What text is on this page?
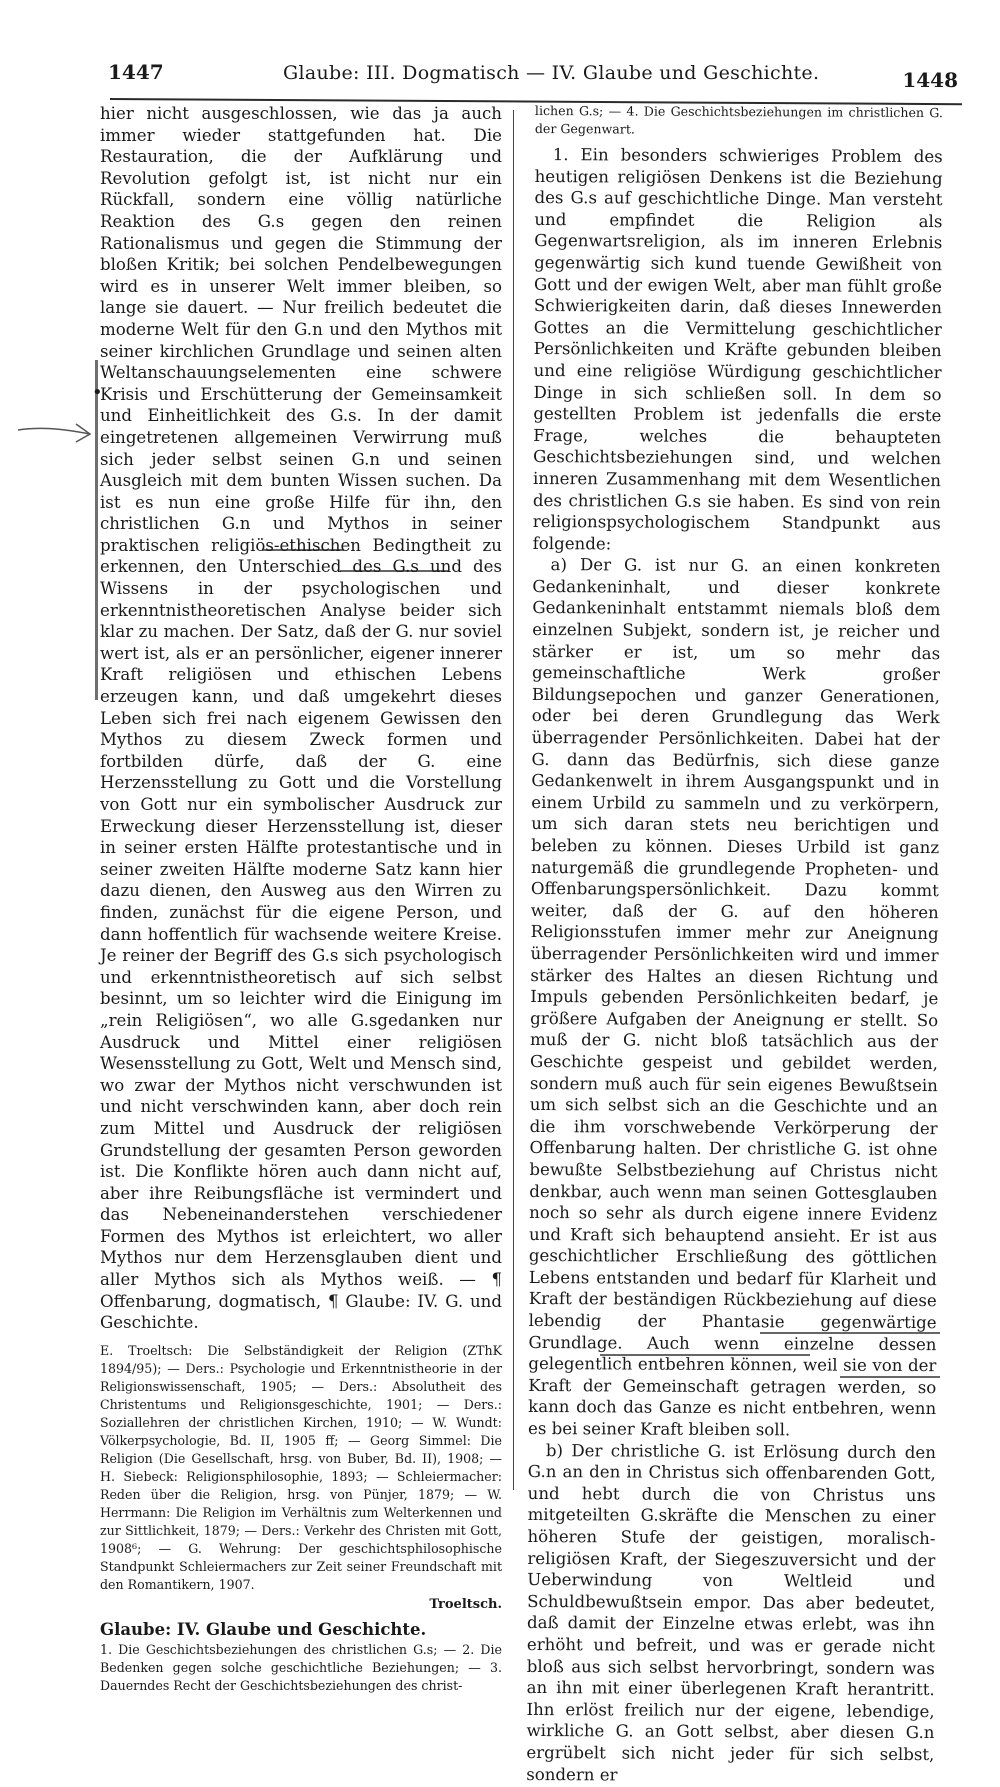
1447	Glaube: III. Dogmatisch — IV. Glaube und Geschichte.	1448
•

hier nicht ausgeschlossen, wie das ja auch immer wieder stattgefunden hat. Die Restauration, die der Aufklärung und Revolution gefolgt ist, ist nicht nur ein Rückfall, sondern eine völlig natürliche Reaktion des G.s gegen den reinen Rationalismus und gegen die Stimmung der bloßen Kritik; bei solchen Pendelbewegungen wird es in unserer Welt immer bleiben, so lange sie dauert. — Nur freilich bedeutet die moderne Welt für den G.n und den Mythos mit seiner kirchlichen Grundlage und seinen alten Weltanschauungselementen eine schwere Krisis und Erschütterung der Gemeinsamkeit und Einheitlichkeit des G.s. In der damit eingetretenen allgemeinen Verwirrung muß sich jeder selbst seinen G.n und seinen Ausgleich mit dem bunten Wissen suchen. Da ist es nun eine große Hilfe für ihn, den christlichen G.n und Mythos in seiner praktischen religiös-ethischen Bedingtheit zu erkennen, den Unterschied des G.s und des Wissens in der psychologischen und erkenntnistheoretischen Analyse beider sich klar zu machen. Der Satz, daß der G. nur soviel wert ist, als er an persönlicher, eigener innerer Kraft religiösen und ethischen Lebens erzeugen kann, und daß umgekehrt dieses Leben sich frei nach eigenem Gewissen den Mythos zu diesem Zweck formen und fortbilden dürfe, daß der G. eine Herzensstellung zu Gott und die Vorstellung von Gott nur ein symbolischer Ausdruck zur Erweckung dieser Herzensstellung ist, dieser in seiner ersten Hälfte protestantische und in seiner zweiten Hälfte moderne Satz kann hier dazu dienen, den Ausweg aus den Wirren zu finden, zunächst für die eigene Person, und dann hoffentlich für wachsende weitere Kreise. Je reiner der Begriff des G.s sich psychologisch und erkenntnistheoretisch auf sich selbst besinnt, um so leichter wird die Einigung im „rein Religiösen“, wo alle G.sgedanken nur Ausdruck und Mittel einer religiösen Wesensstellung zu Gott, Welt und Mensch sind, wo zwar der Mythos nicht verschwunden ist und nicht verschwinden kann, aber doch rein zum Mittel und Ausdruck der religiösen Grundstellung der gesamten Person geworden ist. Die Konflikte hören auch dann nicht auf, aber ihre Reibungsfläche ist vermindert und das Nebeneinanderstehen verschiedener Formen des Mythos ist erleichtert, wo aller Mythos nur dem Herzensglauben dient und aller Mythos sich als Mythos weiß. — ¶ Offenbarung, dogmatisch, ¶ Glaube: IV. G. und Geschichte.

E. Troeltsch: Die Selbständigkeit der Religion (ZThK 1894/95); — Ders.: Psychologie und Erkenntnistheorie in der Religionswissenschaft, 1905; — Ders.: Absolutheit des Christentums und Religionsgeschichte, 1901; — Ders.: Soziallehren der christlichen Kirchen, 1910; — W. Wundt: Völkerpsychologie, Bd. II, 1905 ff; — Georg Simmel: Die Religion (Die Gesellschaft, hrsg. von Buber, Bd. II), 1908; — H. Siebeck: Religionsphilosophie, 1893; — Schleiermacher: Reden über die Religion, hrsg. von Pünjer, 1879; — W. Herrmann: Die Religion im Verhältnis zum Welterkennen und zur Sittlichkeit, 1879; — Ders.: Verkehr des Christen mit Gott, 1908⁶; — G. Wehrung: Der geschichtsphilosophische Standpunkt Schleiermachers zur Zeit seiner Freundschaft mit den Romantikern, 1907.

Troeltsch.

Glaube: IV. Glaube und Geschichte.

1. Die Geschichtsbeziehungen des christlichen G.s; — 2. Die Bedenken gegen solche geschichtliche Beziehungen; — 3. Dauerndes Recht der Geschichtsbeziehungen des christ-

lichen G.s; — 4. Die Geschichtsbeziehungen im christlichen G. der Gegenwart.

1. Ein besonders schwieriges Problem des heutigen religiösen Denkens ist die Beziehung des G.s auf geschichtliche Dinge. Man versteht und empfindet die Religion als Gegenwartsreligion, als im inneren Erlebnis gegenwärtig sich kund tuende Gewißheit von Gott und der ewigen Welt, aber man fühlt große Schwierigkeiten darin, daß dieses Innewerden Gottes an die Vermittelung geschichtlicher Persönlichkeiten und Kräfte gebunden bleiben und eine religiöse Würdigung geschichtlicher Dinge in sich schließen soll. In dem so gestellten Problem ist jedenfalls die erste Frage, welches die behaupteten Geschichtsbeziehungen sind, und welchen inneren Zusammenhang mit dem Wesentlichen des christlichen G.s sie haben. Es sind von rein religionspsychologischem Standpunkt aus folgende:

a) Der G. ist nur G. an einen konkreten Gedankeninhalt, und dieser konkrete Gedankeninhalt entstammt niemals bloß dem einzelnen Subjekt, sondern ist, je reicher und stärker er ist, um so mehr das gemeinschaftliche Werk großer Bildungsepochen und ganzer Generationen, oder bei deren Grundlegung das Werk überragender Persönlichkeiten. Dabei hat der G. dann das Bedürfnis, sich diese ganze Gedankenwelt in ihrem Ausgangspunkt und in einem Urbild zu sammeln und zu verkörpern, um sich daran stets neu berichtigen und beleben zu können. Dieses Urbild ist ganz naturgemäß die grundlegende Propheten- und Offenbarungspersönlichkeit. Dazu kommt weiter, daß der G. auf den höheren Religionsstufen immer mehr zur Aneignung überragender Persönlichkeiten wird und immer stärker des Haltes an diesen Richtung und Impuls gebenden Persönlichkeiten bedarf, je größere Aufgaben der Aneignung er stellt. So muß der G. nicht bloß tatsächlich aus der Geschichte gespeist und gebildet werden, sondern muß auch für sein eigenes Bewußtsein um sich selbst sich an die Geschichte und an die ihm vorschwebende Verkörperung der Offenbarung halten. Der christliche G. ist ohne bewußte Selbstbeziehung auf Christus nicht denkbar, auch wenn man seinen Gottesglauben noch so sehr als durch eigene innere Evidenz und Kraft sich behauptend ansieht. Er ist aus geschichtlicher Erschließung des göttlichen Lebens entstanden und bedarf für Klarheit und Kraft der beständigen Rückbeziehung auf diese lebendig der Phantasie gegenwärtige Grundlage. Auch wenn einzelne dessen gelegentlich entbehren können, weil sie von der Kraft der Gemeinschaft getragen werden, so kann doch das Ganze es nicht entbehren, wenn es bei seiner Kraft bleiben soll.

b) Der christliche G. ist Erlösung durch den G.n an den in Christus sich offenbarenden Gott, und hebt durch die von Christus uns mitgeteilten G.skräfte die Menschen zu einer höheren Stufe der geistigen, moralisch-religiösen Kraft, der Siegeszuversicht und der Ueberwindung von Weltleid und Schuldbewußtsein empor. Das aber bedeutet, daß damit der Einzelne etwas erlebt, was ihn erhöht und befreit, und was er gerade nicht bloß aus sich selbst hervorbringt, sondern was an ihn mit einer überlegenen Kraft herantritt. Ihn erlöst freilich nur der eigene, lebendige, wirkliche G. an Gott selbst, aber diesen G.n ergrübelt sich nicht jeder für sich selbst, sondern er
